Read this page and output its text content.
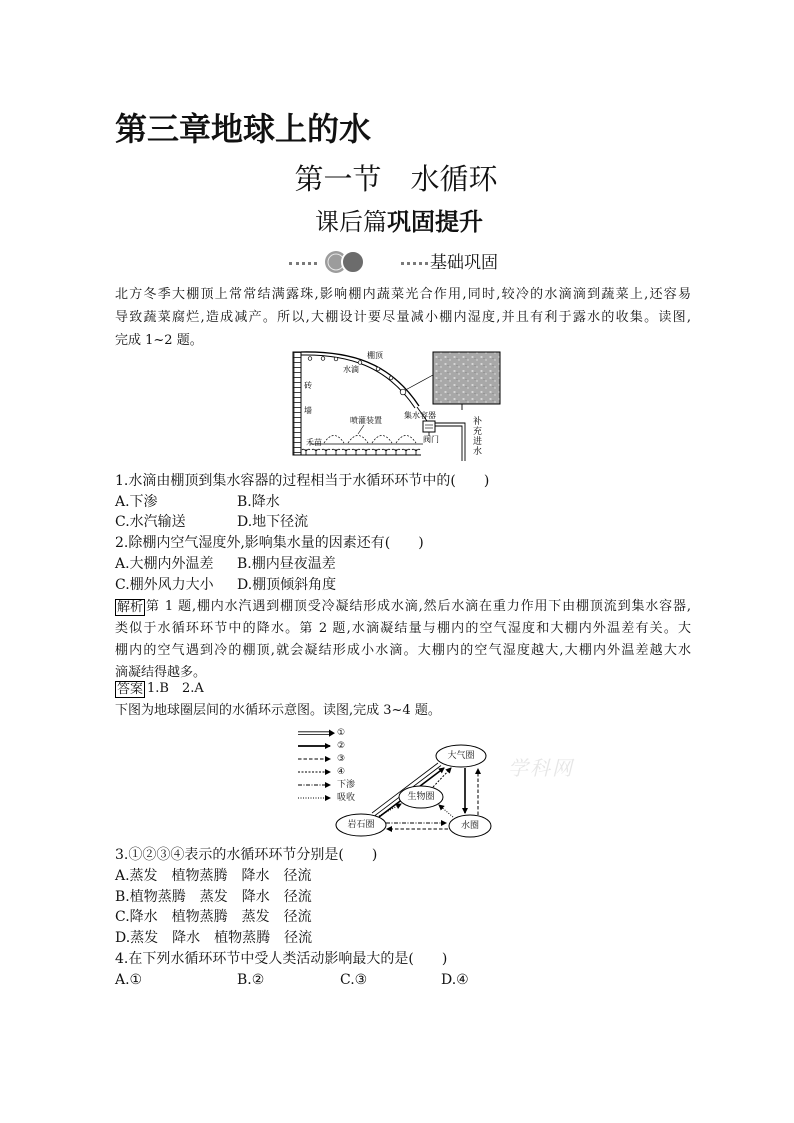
第三章地球上的水
第一节　水循环
课后篇巩固提升
基础巩固
北方冬季大棚顶上常常结满露珠,影响棚内蔬菜光合作用,同时,较冷的水滴滴到蔬菜上,还容易
导致蔬菜腐烂,造成减产。所以,大棚设计要尽量减小棚内湿度,并且有利于露水的收集。读图,
完成 1~2 题。
棚顶
水滴
砖
墙
集水容器
喷灌装置
禾苗	阀门	补充进水
1.水滴由棚顶到集水容器的过程相当于水循环环节中的(　　)
A.下渗	B.降水
C.水汽输送	D.地下径流
2.除棚内空气湿度外,影响集水量的因素还有(　　)
A.大棚内外温差 B.棚内昼夜温差
C.棚外风力大小 D.棚顶倾斜角度
解析 第 1 题,棚内水汽遇到棚顶受冷凝结形成水滴,然后水滴在重力作用下由棚顶流到集水容器,
类似于水循环环节中的降水。第 2 题,水滴凝结量与棚内的空气湿度和大棚内外温差有关。大
棚内的空气遇到冷的棚顶,就会凝结形成小水滴。大棚内的空气湿度越大,大棚内外温差越大水
滴凝结得越多。
答案 1.B　2.A
下图为地球圈层间的水循环示意图。读图,完成 3~4 题。
①
②
③
④
下渗
吸收
大气圈
生物圈
岩石圈	水圈
学科网
3.①②③④表示的水循环环节分别是(　　)
A.蒸发　植物蒸腾　降水　径流
B.植物蒸腾　蒸发　降水　径流
C.降水　植物蒸腾　蒸发　径流
D.蒸发　降水　植物蒸腾　径流
4.在下列水循环环节中受人类活动影响最大的是(　　)
A.①	B.②	C.③	D.④
